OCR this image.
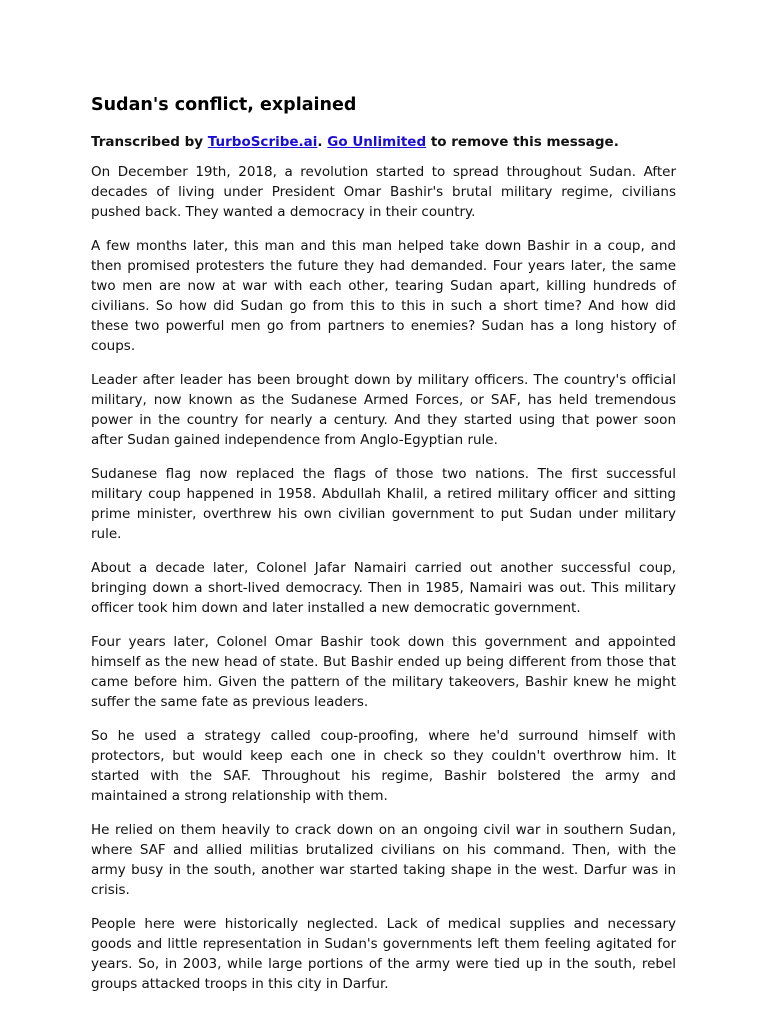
Sudan's conflict, explained
Transcribed by TurboScribe.ai. Go Unlimited to remove this message.

On December 19th, 2018, a revolution started to spread throughout Sudan. After decades of living under President Omar Bashir's brutal military regime, civilians pushed back. They wanted a democracy in their country.

A few months later, this man and this man helped take down Bashir in a coup, and then promised protesters the future they had demanded. Four years later, the same two men are now at war with each other, tearing Sudan apart, killing hundreds of civilians. So how did Sudan go from this to this in such a short time? And how did these two powerful men go from partners to enemies? Sudan has a long history of coups.

Leader after leader has been brought down by military officers. The country's official military, now known as the Sudanese Armed Forces, or SAF, has held tremendous power in the country for nearly a century. And they started using that power soon after Sudan gained independence from Anglo-Egyptian rule.

Sudanese flag now replaced the flags of those two nations. The first successful military coup happened in 1958. Abdullah Khalil, a retired military officer and sitting prime minister, overthrew his own civilian government to put Sudan under military rule.

About a decade later, Colonel Jafar Namairi carried out another successful coup, bringing down a short-lived democracy. Then in 1985, Namairi was out. This military officer took him down and later installed a new democratic government.

Four years later, Colonel Omar Bashir took down this government and appointed himself as the new head of state. But Bashir ended up being different from those that came before him. Given the pattern of the military takeovers, Bashir knew he might suffer the same fate as previous leaders.

So he used a strategy called coup-proofing, where he'd surround himself with protectors, but would keep each one in check so they couldn't overthrow him. It started with the SAF. Throughout his regime, Bashir bolstered the army and maintained a strong relationship with them.

He relied on them heavily to crack down on an ongoing civil war in southern Sudan, where SAF and allied militias brutalized civilians on his command. Then, with the army busy in the south, another war started taking shape in the west. Darfur was in crisis.

People here were historically neglected. Lack of medical supplies and necessary goods and little representation in Sudan's governments left them feeling agitated for years. So, in 2003, while large portions of the army were tied up in the south, rebel groups attacked troops in this city in Darfur.
